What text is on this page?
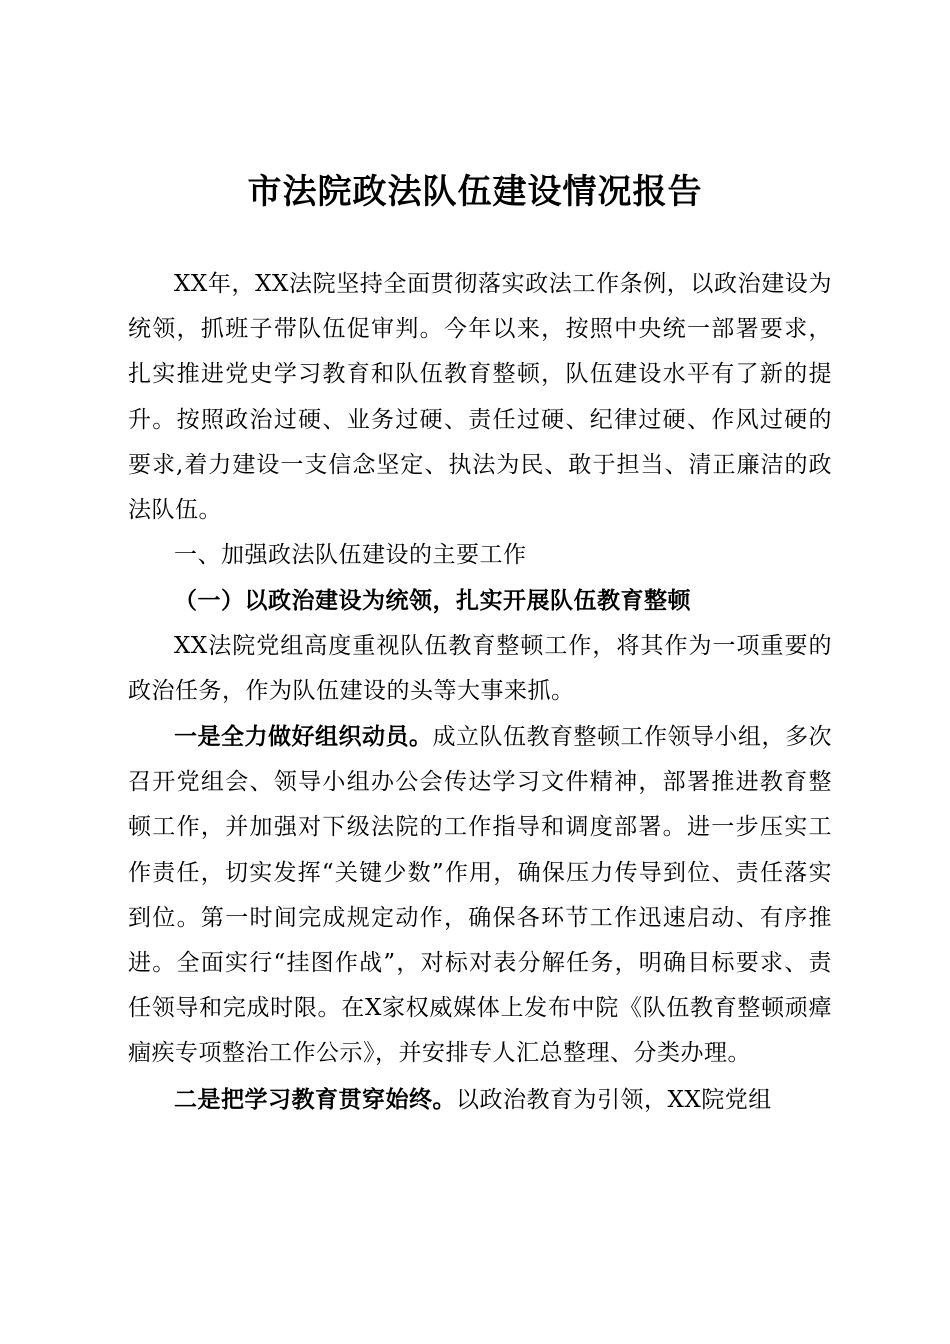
市法院政法队伍建设情况报告

XX年，XX法院坚持全面贯彻落实政法工作条例，以政治建设为统领，抓班子带队伍促审判。今年以来，按照中央统一部署要求，扎实推进党史学习教育和队伍教育整顿，队伍建设水平有了新的提升。按照政治过硬、业务过硬、责任过硬、纪律过硬、作风过硬的要求,着力建设一支信念坚定、执法为民、敢于担当、清正廉洁的政法队伍。

一、加强政法队伍建设的主要工作

（一）以政治建设为统领，扎实开展队伍教育整顿

XX法院党组高度重视队伍教育整顿工作，将其作为一项重要的政治任务，作为队伍建设的头等大事来抓。

一是全力做好组织动员。成立队伍教育整顿工作领导小组，多次召开党组会、领导小组办公会传达学习文件精神，部署推进教育整顿工作，并加强对下级法院的工作指导和调度部署。进一步压实工作责任，切实发挥“关键少数”作用，确保压力传导到位、责任落实到位。第一时间完成规定动作，确保各环节工作迅速启动、有序推进。全面实行“挂图作战”，对标对表分解任务，明确目标要求、责任领导和完成时限。在X家权威媒体上发布中院《队伍教育整顿顽瘴痼疾专项整治工作公示》，并安排专人汇总整理、分类办理。

二是把学习教育贯穿始终。以政治教育为引领，XX院党组
